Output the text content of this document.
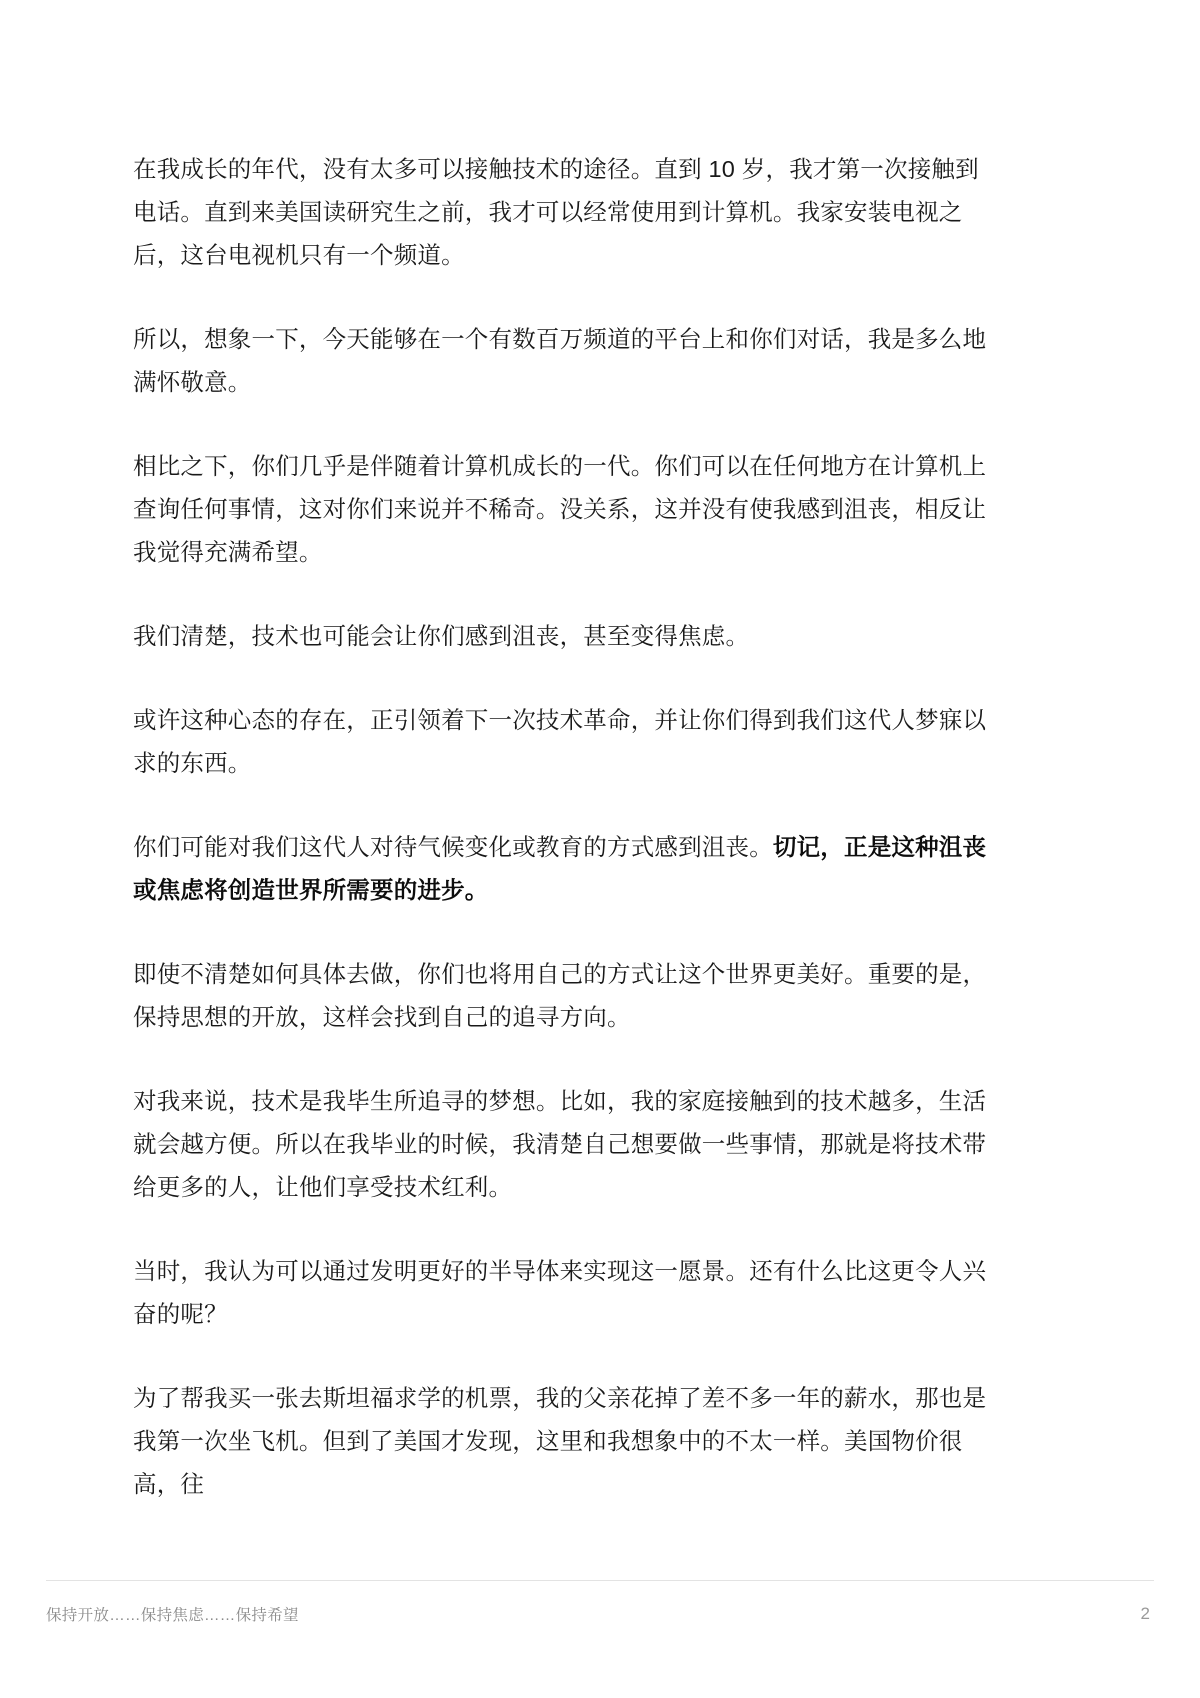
在我成长的年代，没有太多可以接触技术的途径。直到 10 岁，我才第一次接触到电话。直到来美国读研究生之前，我才可以经常使用到计算机。我家安装电视之后，这台电视机只有一个频道。

所以，想象一下，今天能够在一个有数百万频道的平台上和你们对话，我是多么地满怀敬意。

相比之下，你们几乎是伴随着计算机成长的一代。你们可以在任何地方在计算机上查询任何事情，这对你们来说并不稀奇。没关系，这并没有使我感到沮丧，相反让我觉得充满希望。

我们清楚，技术也可能会让你们感到沮丧，甚至变得焦虑。

或许这种心态的存在，正引领着下一次技术革命，并让你们得到我们这代人梦寐以求的东西。

你们可能对我们这代人对待气候变化或教育的方式感到沮丧。切记，正是这种沮丧或焦虑将创造世界所需要的进步。

即使不清楚如何具体去做，你们也将用自己的方式让这个世界更美好。重要的是，保持思想的开放，这样会找到自己的追寻方向。

对我来说，技术是我毕生所追寻的梦想。比如，我的家庭接触到的技术越多，生活就会越方便。所以在我毕业的时候，我清楚自己想要做一些事情，那就是将技术带给更多的人，让他们享受技术红利。

当时，我认为可以通过发明更好的半导体来实现这一愿景。还有什么比这更令人兴奋的呢？

为了帮我买一张去斯坦福求学的机票，我的父亲花掉了差不多一年的薪水，那也是我第一次坐飞机。但到了美国才发现，这里和我想象中的不太一样。美国物价很高，往

保持开放……保持焦虑……保持希望	2
